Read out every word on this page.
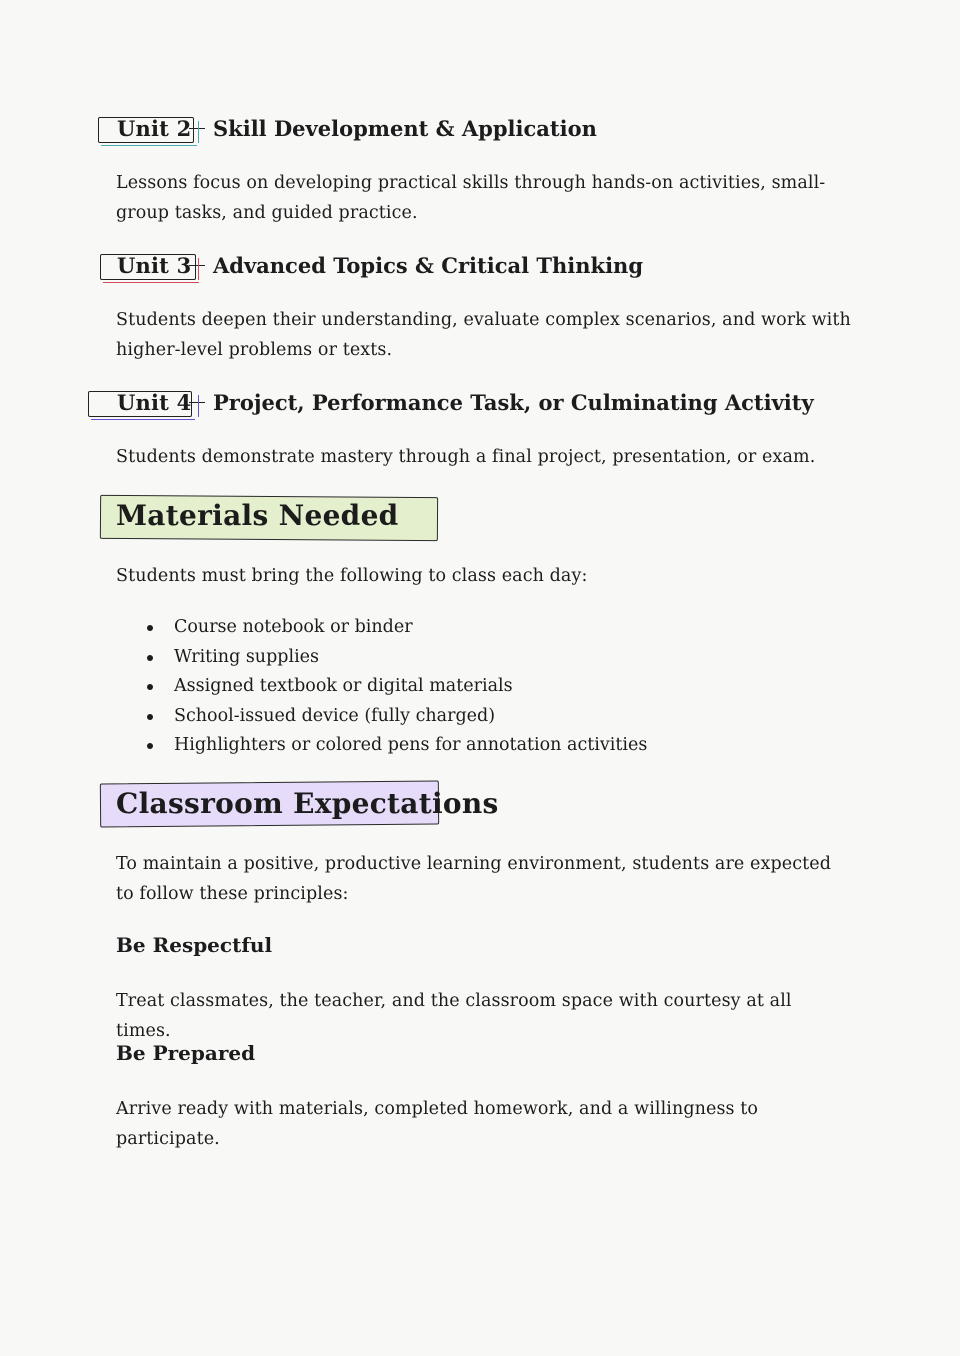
Unit 2 Skill Development & Application
Lessons focus on developing practical skills through hands-on activities, small-group tasks, and guided practice.
Unit 3 Advanced Topics & Critical Thinking
Students deepen their understanding, evaluate complex scenarios, and work with higher-level problems or texts.
Unit 4 Project, Performance Task, or Culminating Activity
Students demonstrate mastery through a final project, presentation, or exam.
Materials Needed
Students must bring the following to class each day:
Course notebook or binder
Writing supplies
Assigned textbook or digital materials
School-issued device (fully charged)
Highlighters or colored pens for annotation activities
Classroom Expectations
To maintain a positive, productive learning environment, students are expected to follow these principles:
Be Respectful
Treat classmates, the teacher, and the classroom space with courtesy at all times.
Be Prepared
Arrive ready with materials, completed homework, and a willingness to participate.
